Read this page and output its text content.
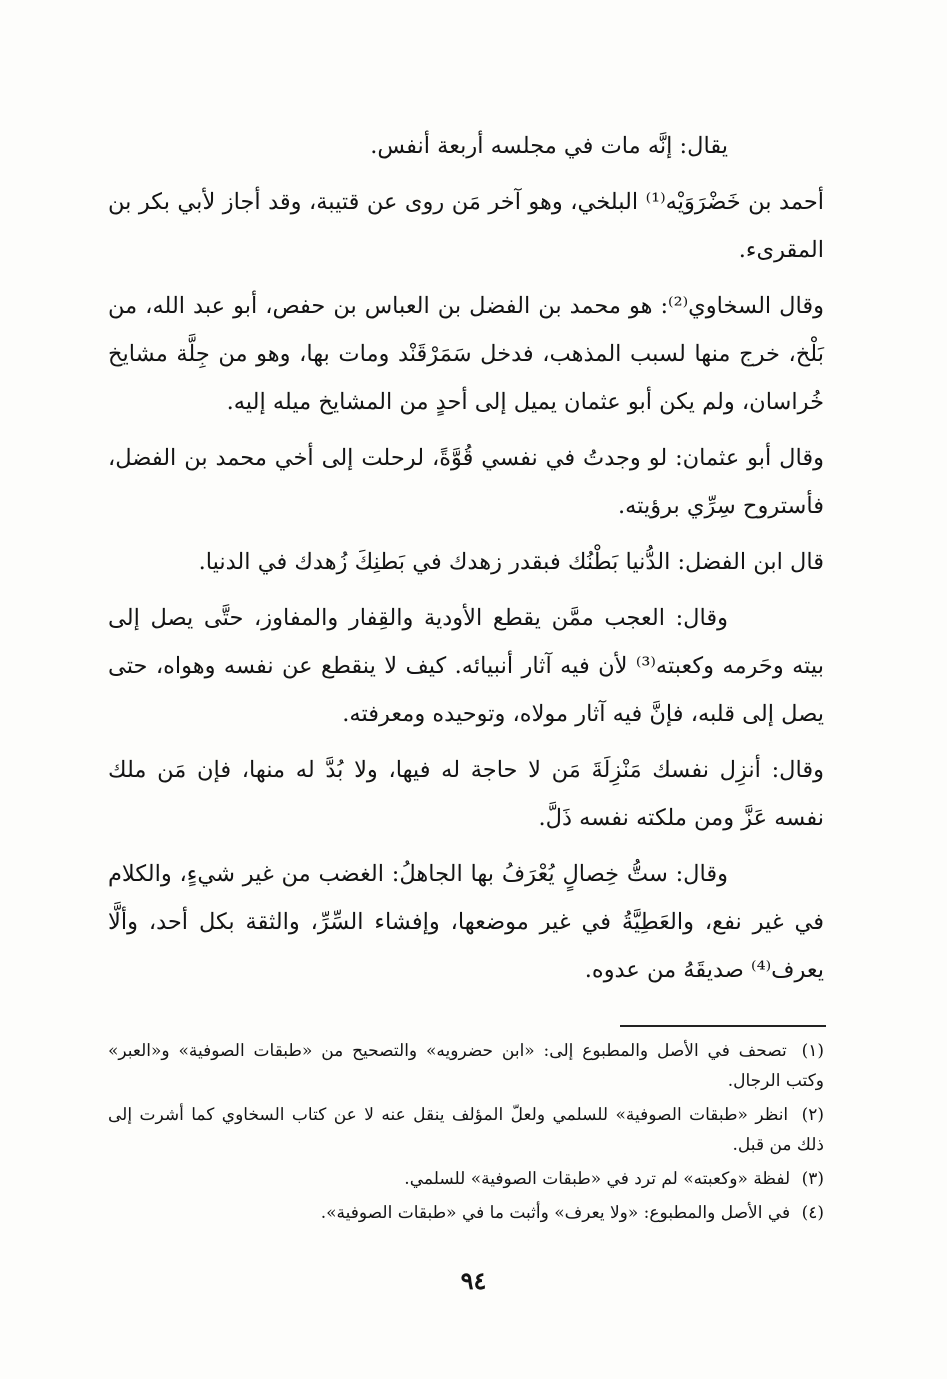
يقال: إنَّه مات في مجلسه أربعة أنفس.

أحمد بن خَضْرَوَيْه⁽¹⁾ البلخي، وهو آخر مَن روى عن قتيبة، وقد أجاز لأبي بكر بن المقرىء.

وقال السخاوي⁽²⁾: هو محمد بن الفضل بن العباس بن حفص، أبو عبد الله، من بَلْخ، خرج منها لسبب المذهب، فدخل سَمَرْقَنْد ومات بها، وهو من جِلَّة مشايخ خُراسان، ولم يكن أبو عثمان يميل إلى أحدٍ من المشايخ ميله إليه.

وقال أبو عثمان: لو وجدتُ في نفسي قُوَّةً، لرحلت إلى أخي محمد بن الفضل، فأستروح سِرِّي برؤيته.

قال ابن الفضل: الدُّنيا بَطْنُك فبقدر زهدك في بَطنِكَ زُهدك في الدنيا.

وقال: العجب ممَّن يقطع الأودية والقِفار والمفاوز، حتَّى يصل إلى بيته وحَرمه وكعبته⁽³⁾ لأن فيه آثار أنبيائه. كيف لا ينقطع عن نفسه وهواه، حتى يصل إلى قلبه، فإنَّ فيه آثار مولاه، وتوحيده ومعرفته.

وقال: أنزِل نفسك مَنْزِلَةَ مَن لا حاجة له فيها، ولا بُدَّ له منها، فإن مَن ملك نفسه عَزَّ ومن ملكته نفسه ذَلَّ.

وقال: ستُّ خِصالٍ يُعْرَفُ بها الجاهلُ: الغضب من غير شيءٍ، والكلام في غير نفع، والعَطِيَّةُ في غير موضعها، وإفشاء السِّرِّ، والثقة بكل أحد، وألَّا يعرف⁽⁴⁾ صديقَهُ من عدوه.

(١) تصحف في الأصل والمطبوع إلى: «ابن حضرويه» والتصحيح من «طبقات الصوفية» و«العبر» وكتب الرجال.

(٢) انظر «طبقات الصوفية» للسلمي ولعلّ المؤلف ينقل عنه لا عن كتاب السخاوي كما أشرت إلى ذلك من قبل.

(٣) لفظة «وكعبته» لم ترد في «طبقات الصوفية» للسلمي.

(٤) في الأصل والمطبوع: «ولا يعرف» وأثبت ما في «طبقات الصوفية».

٩٤
